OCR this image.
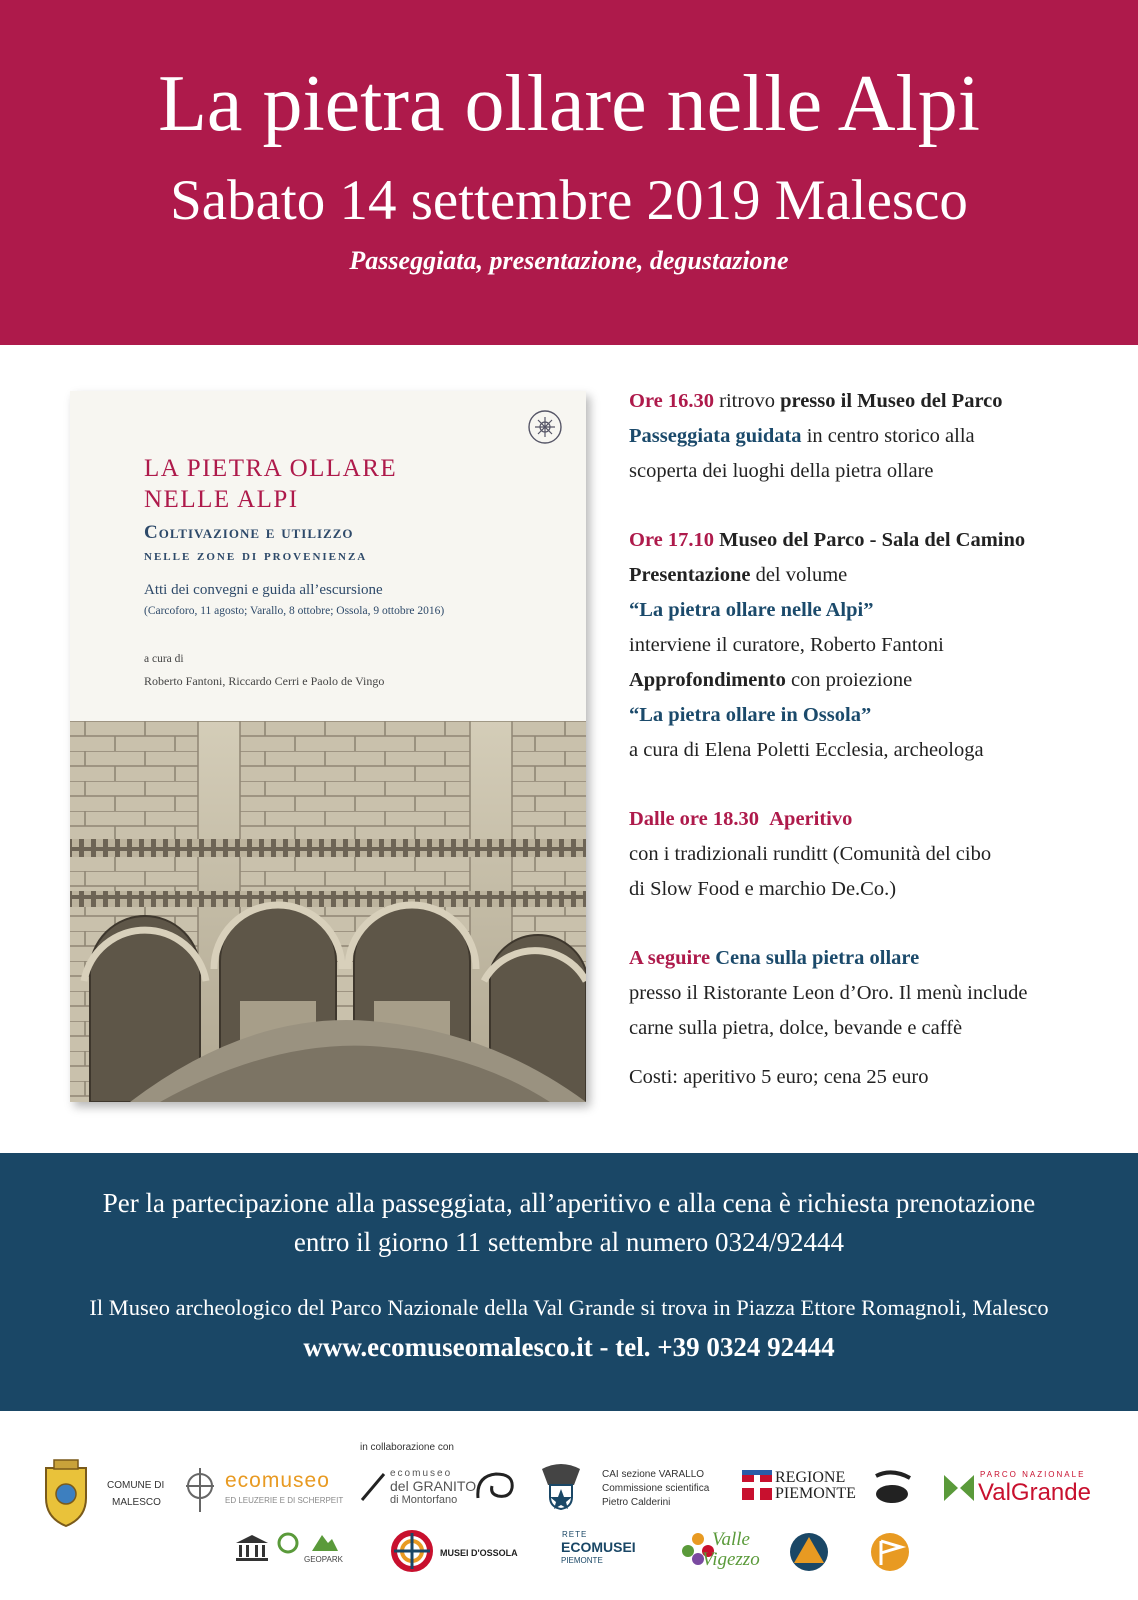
La pietra ollare nelle Alpi
Sabato 14 settembre 2019 Malesco
Passeggiata, presentazione, degustazione
LA PIETRA OLLARE
NELLE ALPI
Coltivazione e utilizzo
nelle zone di provenienza
Atti dei convegni e guida all’escursione
(Carcoforo, 11 agosto; Varallo, 8 ottobre; Ossola, 9 ottobre 2016)
a cura di
Roberto Fantoni, Riccardo Cerri e Paolo de Vingo
Ore 16.30 ritrovo presso il Museo del Parco
Passeggiata guidata in centro storico alla
scoperta dei luoghi della pietra ollare
Ore 17.10 Museo del Parco - Sala del Camino
Presentazione del volume
“La pietra ollare nelle Alpi”
interviene il curatore, Roberto Fantoni
Approfondimento con proiezione
“La pietra ollare in Ossola”
a cura di Elena Poletti Ecclesia, archeologa
Dalle ore 18.30 Aperitivo
con i tradizionali runditt (Comunità del cibo
di Slow Food e marchio De.Co.)
A seguire Cena sulla pietra ollare
presso il Ristorante Leon d’Oro. Il menù include
carne sulla pietra, dolce, bevande e caffè
Costi: aperitivo 5 euro; cena 25 euro
Per la partecipazione alla passeggiata, all’aperitivo e alla cena è richiesta prenotazione
entro il giorno 11 settembre al numero 0324/92444
Il Museo archeologico del Parco Nazionale della Val Grande si trova in Piazza Ettore Romagnoli, Malesco
www.ecomuseomalesco.it - tel. +39 0324 92444
in collaborazione con
COMUNE DI
MALESCO
ecomuseo
ED LEUZERIE E DI SCHERPEIT
ecomuseo
del GRANITO
di Montorfano
CAI sezione VARALLO
Commissione scientifica
Pietro Calderini
REGIONE
PIEMONTE
PARCO NAZIONALE
ValGrande
GEOPARK
MUSEI D'OSSOLA
RETE
ECOMUSEI
PIEMONTE
Valle
Vigezzo
